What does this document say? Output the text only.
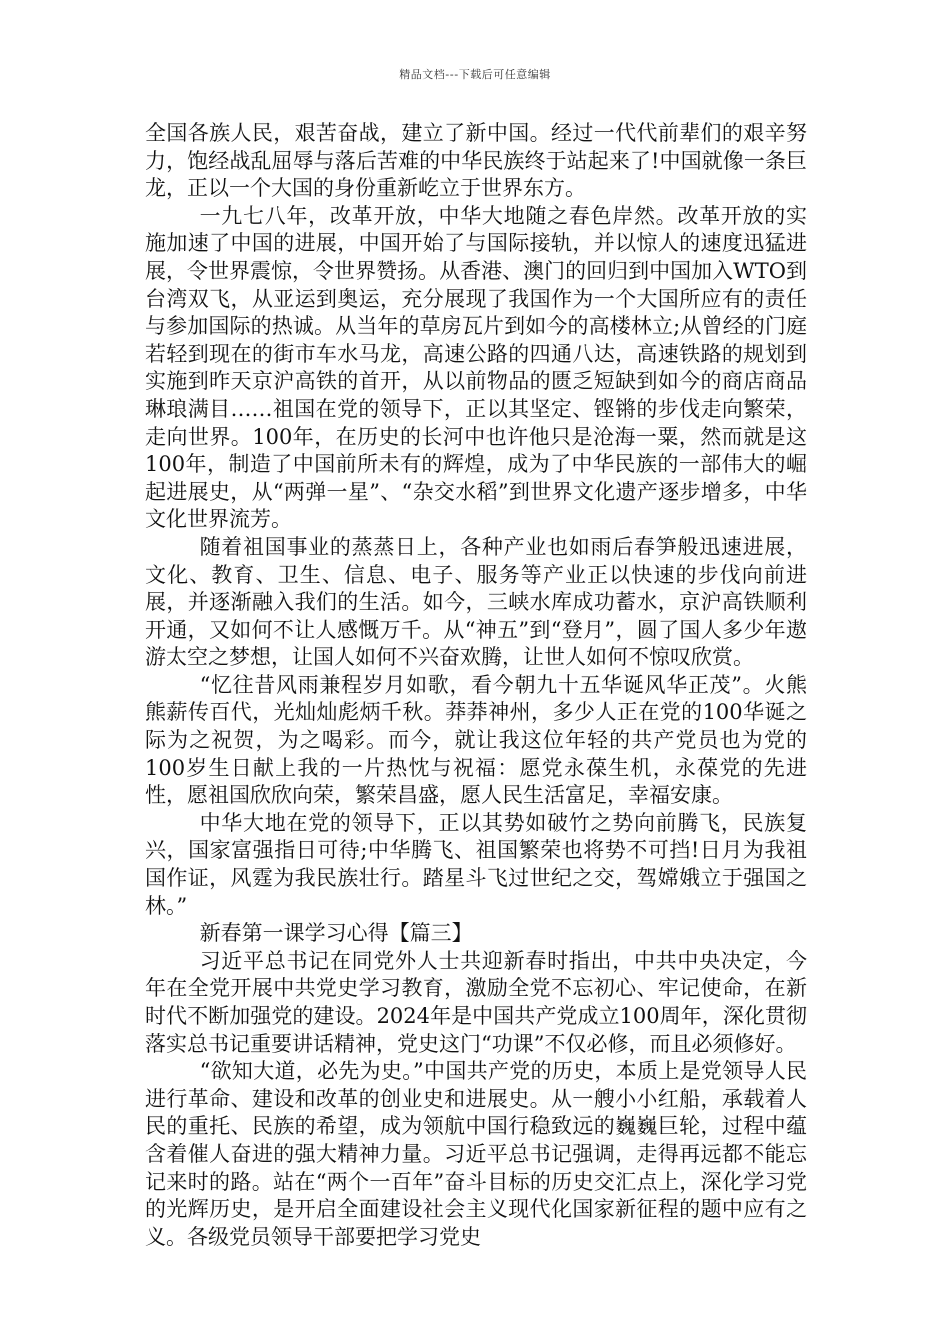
精品文档---下载后可任意编辑

全国各族人民，艰苦奋战，建立了新中国。经过一代代前辈们的艰辛努力，饱经战乱屈辱与落后苦难的中华民族终于站起来了!中国就像一条巨龙，正以一个大国的身份重新屹立于世界东方。

一九七八年，改革开放，中华大地随之春色岸然。改革开放的实施加速了中国的进展，中国开始了与国际接轨，并以惊人的速度迅猛进展，令世界震惊，令世界赞扬。从香港、澳门的回归到中国加入WTO到台湾双飞，从亚运到奥运，充分展现了我国作为一个大国所应有的责任与参加国际的热诚。从当年的草房瓦片到如今的高楼林立;从曾经的门庭若轻到现在的街市车水马龙，高速公路的四通八达，高速铁路的规划到实施到昨天京沪高铁的首开，从以前物品的匮乏短缺到如今的商店商品琳琅满目……祖国在党的领导下，正以其坚定、铿锵的步伐走向繁荣，走向世界。100年，在历史的长河中也许他只是沧海一粟，然而就是这100年，制造了中国前所未有的辉煌，成为了中华民族的一部伟大的崛起进展史，从“两弹一星”、“杂交水稻”到世界文化遗产逐步增多，中华文化世界流芳。

随着祖国事业的蒸蒸日上，各种产业也如雨后春笋般迅速进展，文化、教育、卫生、信息、电子、服务等产业正以快速的步伐向前进展，并逐渐融入我们的生活。如今，三峡水库成功蓄水，京沪高铁顺利开通，又如何不让人感慨万千。从“神五”到“登月”，圆了国人多少年遨游太空之梦想，让国人如何不兴奋欢腾，让世人如何不惊叹欣赏。

“忆往昔风雨兼程岁月如歌，看今朝九十五华诞风华正茂”。火熊熊薪传百代，光灿灿彪炳千秋。莽莽神州，多少人正在党的100华诞之际为之祝贺，为之喝彩。而今，就让我这位年轻的共产党员也为党的100岁生日献上我的一片热忱与祝福：愿党永葆生机，永葆党的先进性，愿祖国欣欣向荣，繁荣昌盛，愿人民生活富足，幸福安康。

中华大地在党的领导下，正以其势如破竹之势向前腾飞，民族复兴，国家富强指日可待;中华腾飞、祖国繁荣也将势不可挡!日月为我祖国作证，风霆为我民族壮行。踏星斗飞过世纪之交，驾嫦娥立于强国之林。”

新春第一课学习心得【篇三】

习近平总书记在同党外人士共迎新春时指出，中共中央决定，今年在全党开展中共党史学习教育，激励全党不忘初心、牢记使命，在新时代不断加强党的建设。2024年是中国共产党成立100周年，深化贯彻落实总书记重要讲话精神，党史这门“功课”不仅必修，而且必须修好。

“欲知大道，必先为史。”中国共产党的历史，本质上是党领导人民进行革命、建设和改革的创业史和进展史。从一艘小小红船，承载着人民的重托、民族的希望，成为领航中国行稳致远的巍巍巨轮，过程中蕴含着催人奋进的强大精神力量。习近平总书记强调，走得再远都不能忘记来时的路。站在“两个一百年”奋斗目标的历史交汇点上，深化学习党的光辉历史，是开启全面建设社会主义现代化国家新征程的题中应有之义。各级党员领导干部要把学习党史
